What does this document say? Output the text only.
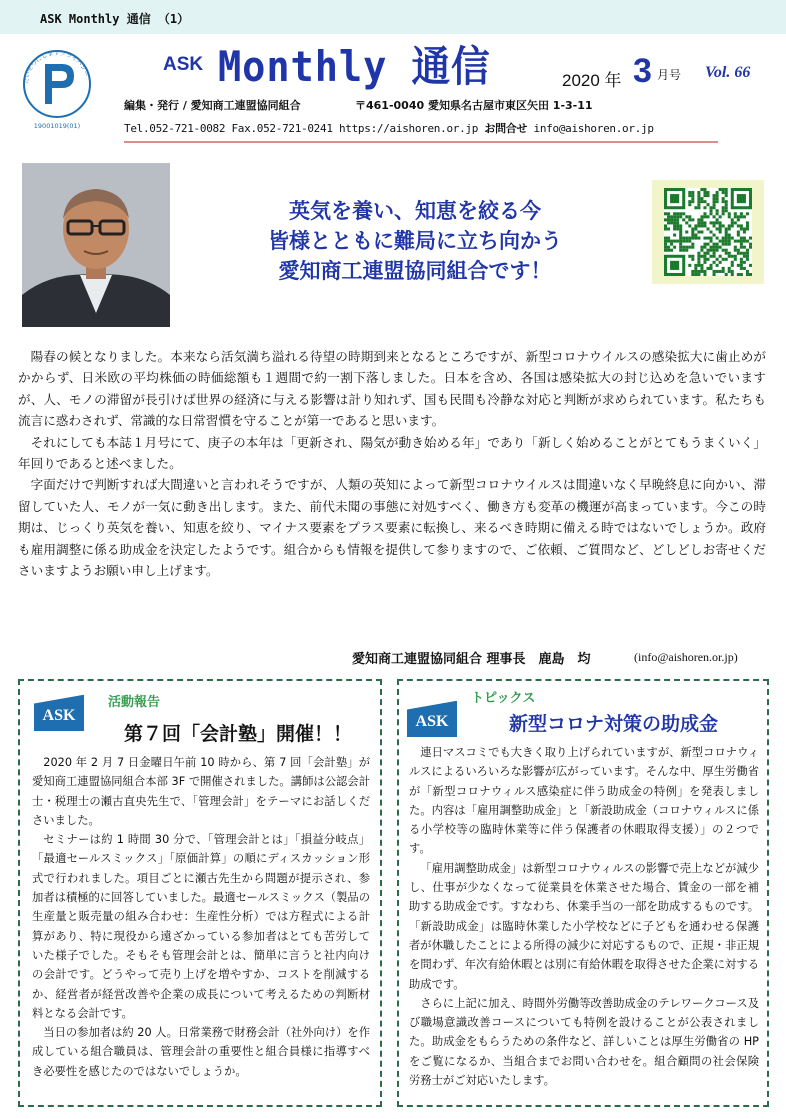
ASK Monthly 通信 （1）
たいせつにしますプライバシー
19001019(01)
ASK Monthly 通信	2020 年 3 月号 Vol. 66
編集・発行 / 愛知商工連盟協同組合	〒461-0040 愛知県名古屋市東区矢田 1-3-11
Tel.052-721-0082 Fax.052-721-0241 https://aishoren.or.jp お問合せ info@aishoren.or.jp
英気を養い、知恵を絞る今
皆様とともに難局に立ち向かう
愛知商工連盟協同組合です！

陽春の候となりました。本来なら活気満ち溢れる待望の時期到来となるところですが、新型コロナウイルスの感染拡大に歯止めがかからず、日米欧の平均株価の時価総額も１週間で約一割下落しました。日本を含め、各国は感染拡大の封じ込めを急いでいますが、人、モノの滞留が長引けば世界の経済に与える影響は計り知れず、国も民間も冷静な対応と判断が求められています。私たちも流言に惑わされず、常識的な日常習慣を守ることが第一であると思います。

それにしても本誌１月号にて、庚子の本年は「更新され、陽気が動き始める年」であり「新しく始めることがとてもうまくいく」年回りであると述べました。

字面だけで判断すれば大間違いと言われそうですが、人類の英知によって新型コロナウイルスは間違いなく早晩終息に向かい、滞留していた人、モノが一気に動き出します。また、前代未聞の事態に対処すべく、働き方も変革の機運が高まっています。今この時期は、じっくり英気を養い、知恵を絞り、マイナス要素をプラス要素に転換し、来るべき時期に備える時ではないでしょうか。政府も雇用調整に係る助成金を決定したようです。組合からも情報を提供して参りますので、ご依頼、ご質問など、どしどしお寄せくださいますようお願い申し上げます。

愛知商工連盟協同組合 理事長　鹿島　均	(info@aishoren.or.jp)
ASK
活動報告
第７回「会計塾」開催！！

2020 年 2 月 7 日金曜日午前 10 時から、第 7 回「会計塾」が愛知商工連盟協同組合本部 3F で開催されました。講師は公認会計士・税理士の瀬古直央先生で、「管理会計」をテーマにお話しくださいました。

セミナーは約 1 時間 30 分で、「管理会計とは」「損益分岐点」「最適セールスミックス」「原価計算」の順にディスカッション形式で行われました。項目ごとに瀬古先生から問題が提示され、参加者は積極的に回答していました。最適セールスミックス（製品の生産量と販売量の組み合わせ：生産性分析）では方程式による計算があり、特に現役から遠ざかっている参加者はとても苦労していた様子でした。そもそも管理会計とは、簡単に言うと社内向けの会計です。どうやって売り上げを増やすか、コストを削減するか、経営者が経営改善や企業の成長について考えるための判断材料となる会計です。

当日の参加者は約 20 人。日常業務で財務会計（社外向け）を作成している組合職員は、管理会計の重要性と組合員様に指導すべき必要性を感じたのではないでしょうか。

ASK
トピックス
新型コロナ対策の助成金

連日マスコミでも大きく取り上げられていますが、新型コロナウィルスによるいろいろな影響が広がっています。そんな中、厚生労働省が「新型コロナウィルス感染症に伴う助成金の特例」を発表しました。内容は「雇用調整助成金」と「新設助成金（コロナウィルスに係る小学校等の臨時休業等に伴う保護者の休暇取得支援）」の２つです。

「雇用調整助成金」は新型コロナウィルスの影響で売上などが減少し、仕事が少なくなって従業員を休業させた場合、賃金の一部を補助する助成金です。すなわち、休業手当の一部を助成するものです。「新設助成金」は臨時休業した小学校などに子どもを通わせる保護者が休職したことによる所得の減少に対応するもので、正規・非正規を問わず、年次有給休暇とは別に有給休暇を取得させた企業に対する助成です。

さらに上記に加え、時間外労働等改善助成金のテレワークコース及び職場意識改善コースについても特例を設けることが公表されました。助成金をもらうための条件など、詳しいことは厚生労働省の HP をご覧になるか、当組合までお問い合わせを。組合顧問の社会保険労務士がご対応いたします。
